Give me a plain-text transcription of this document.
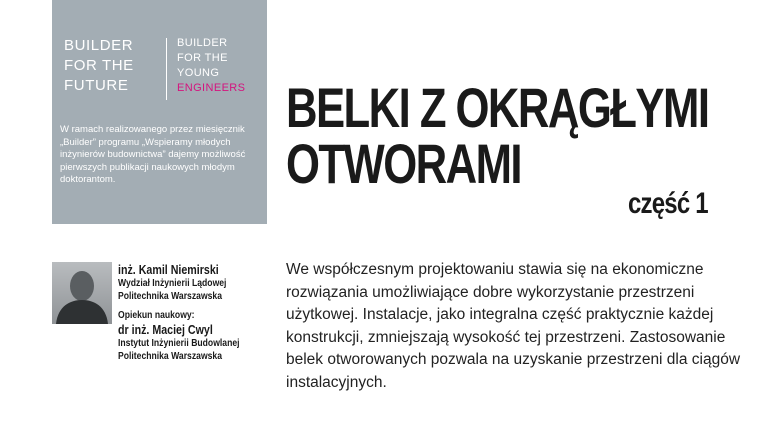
BUILDER
FOR THE
FUTURE
BUILDER
FOR THE
YOUNG
ENGINEERS
W ramach realizowanego przez miesięcznik „Builder” programu „Wspieramy młodych inżynierów budownictwa” dajemy możliwość pierwszych publikacji naukowych młodym doktorantom.
BELKI Z OKRĄGŁYMI
OTWORAMI
część 1
inż. Kamil Niemirski
Wydział Inżynierii Lądowej
Politechnika Warszawska
Opiekun naukowy:
dr inż. Maciej Cwyl
Instytut Inżynierii Budowlanej
Politechnika Warszawska

We współczesnym projektowaniu stawia się na ekonomiczne rozwiązania umożliwiające dobre wykorzystanie przestrzeni użytkowej. Instalacje, jako integralna część praktycznie każdej konstrukcji, zmniejszają wysokość tej przestrzeni. Zastosowanie belek otworowanych pozwala na uzyskanie przestrzeni dla ciągów instalacyjnych.
